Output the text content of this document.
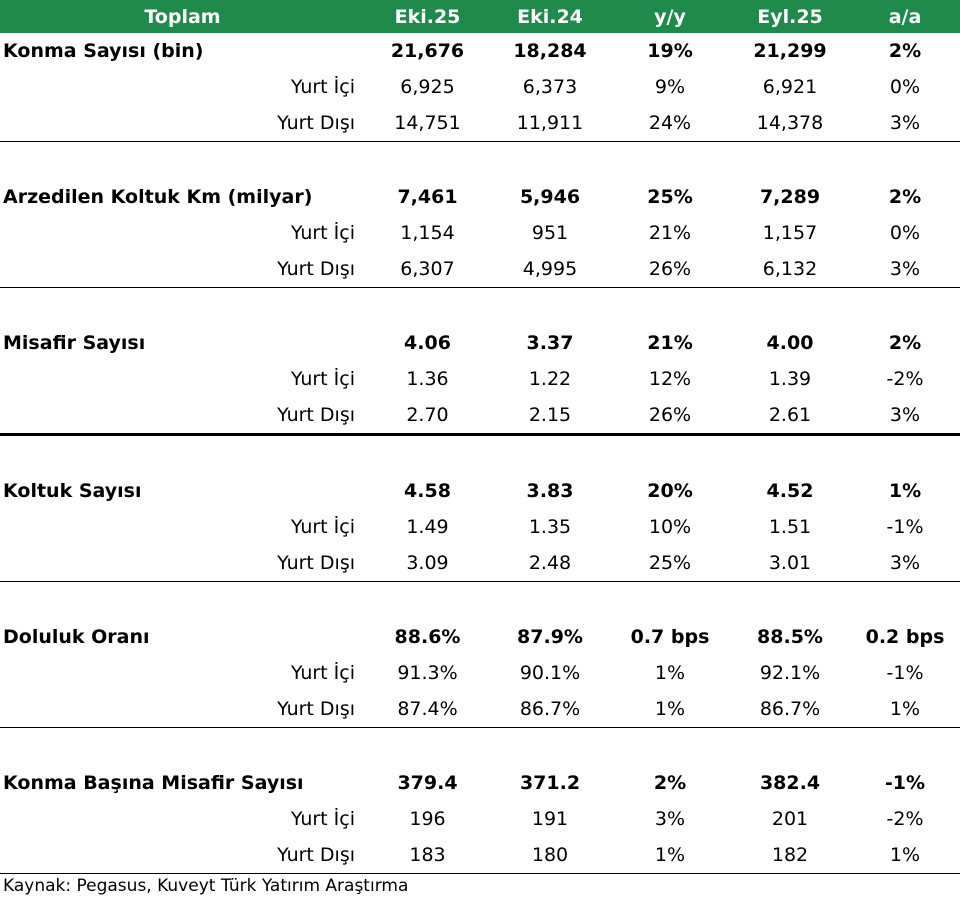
Toplam	Eki.25	Eki.24	y/y	Eyl.25	a/a
Konma Sayısı (bin)	21,676	18,284	19%	21,299	2%
Yurt İçi	6,925	6,373	9%	6,921	0%
Yurt Dışı	14,751	11,911	24%	14,378	3%

Arzedilen Koltuk Km (milyar)	7,461	5,946	25%	7,289	2%
Yurt İçi	1,154	951	21%	1,157	0%
Yurt Dışı	6,307	4,995	26%	6,132	3%

Misafir Sayısı	4.06	3.37	21%	4.00	2%
Yurt İçi	1.36	1.22	12%	1.39	-2%
Yurt Dışı	2.70	2.15	26%	2.61	3%

Koltuk Sayısı	4.58	3.83	20%	4.52	1%
Yurt İçi	1.49	1.35	10%	1.51	-1%
Yurt Dışı	3.09	2.48	25%	3.01	3%

Doluluk Oranı	88.6%	87.9%	0.7 bps	88.5%	0.2 bps
Yurt İçi	91.3%	90.1%	1%	92.1%	-1%
Yurt Dışı	87.4%	86.7%	1%	86.7%	1%

Konma Başına Misafir Sayısı	379.4	371.2	2%	382.4	-1%
Yurt İçi	196	191	3%	201	-2%
Yurt Dışı	183	180	1%	182	1%
Kaynak: Pegasus, Kuveyt Türk Yatırım Araştırma
